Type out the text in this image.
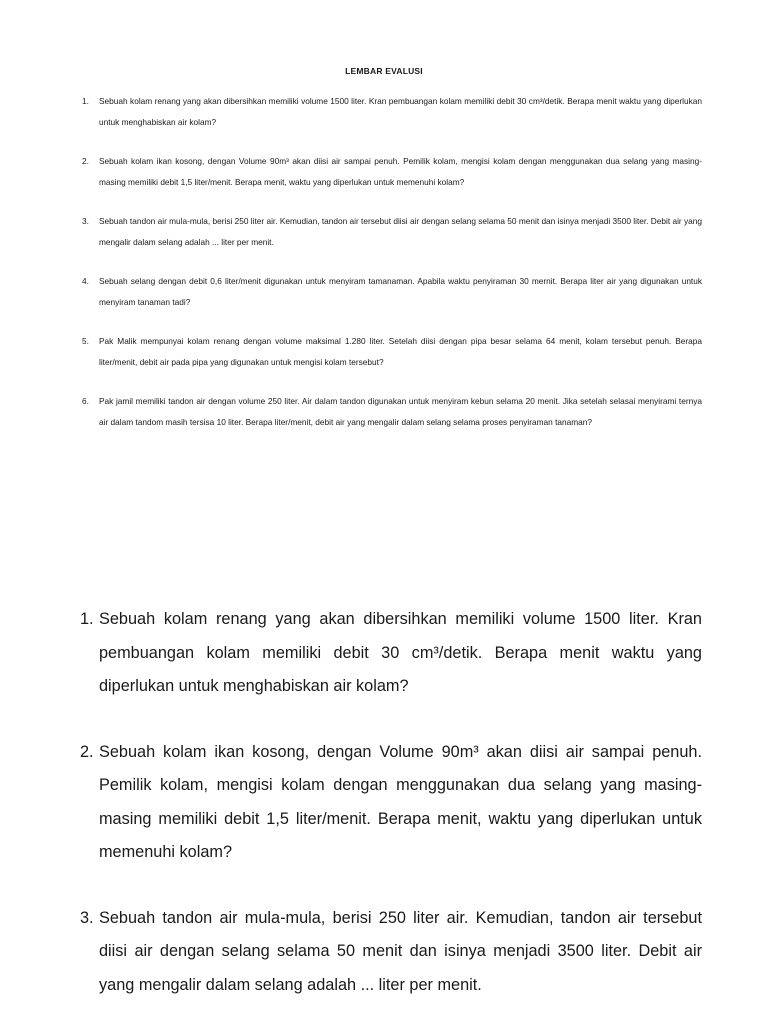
LEMBAR EVALUSI
1. Sebuah kolam renang yang akan dibersihkan memiliki volume 1500 liter. Kran pembuangan kolam memiliki debit 30 cm³/detik. Berapa menit waktu yang diperlukan untuk menghabiskan air kolam?
2. Sebuah kolam ikan kosong, dengan Volume 90m³ akan diisi air sampai penuh. Pemilik kolam, mengisi kolam dengan menggunakan dua selang yang masing-masing memiliki debit 1,5 liter/menit. Berapa menit, waktu yang diperlukan untuk memenuhi kolam?
3. Sebuah tandon air mula-mula, berisi 250 liter air. Kemudian, tandon air tersebut diisi air dengan selang selama 50 menit dan isinya menjadi 3500 liter. Debit air yang mengalir dalam selang adalah ... liter per menit.
4. Sebuah selang dengan debit 0,6 liter/menit digunakan untuk menyiram tamanaman. Apabila waktu penyiraman 30 mernit. Berapa liter air yang digunakan untuk menyiram tanaman tadi?
5. Pak Malik mempunyai kolam renang dengan volume maksimal 1.280 liter. Setelah diisi dengan pipa besar selama 64 menit, kolam tersebut penuh. Berapa liter/menit, debit air pada pipa yang digunakan untuk mengisi kolam tersebut?
6. Pak jamil memiliki tandon air dengan volume 250 liter. Air dalam tandon digunakan untuk menyiram kebun selama 20 menit. Jika setelah selasai menyirami ternya air dalam tandom masih tersisa 10 liter. Berapa liter/menit, debit air yang mengalir dalam selang selama proses penyiraman tanaman?
1. Sebuah kolam renang yang akan dibersihkan memiliki volume 1500 liter. Kran pembuangan kolam memiliki debit 30 cm³/detik. Berapa menit waktu yang diperlukan untuk menghabiskan air kolam?
2. Sebuah kolam ikan kosong, dengan Volume 90m³ akan diisi air sampai penuh. Pemilik kolam, mengisi kolam dengan menggunakan dua selang yang masing-masing memiliki debit 1,5 liter/menit. Berapa menit, waktu yang diperlukan untuk memenuhi kolam?
3. Sebuah tandon air mula-mula, berisi 250 liter air. Kemudian, tandon air tersebut diisi air dengan selang selama 50 menit dan isinya menjadi 3500 liter. Debit air yang mengalir dalam selang adalah ... liter per menit.
